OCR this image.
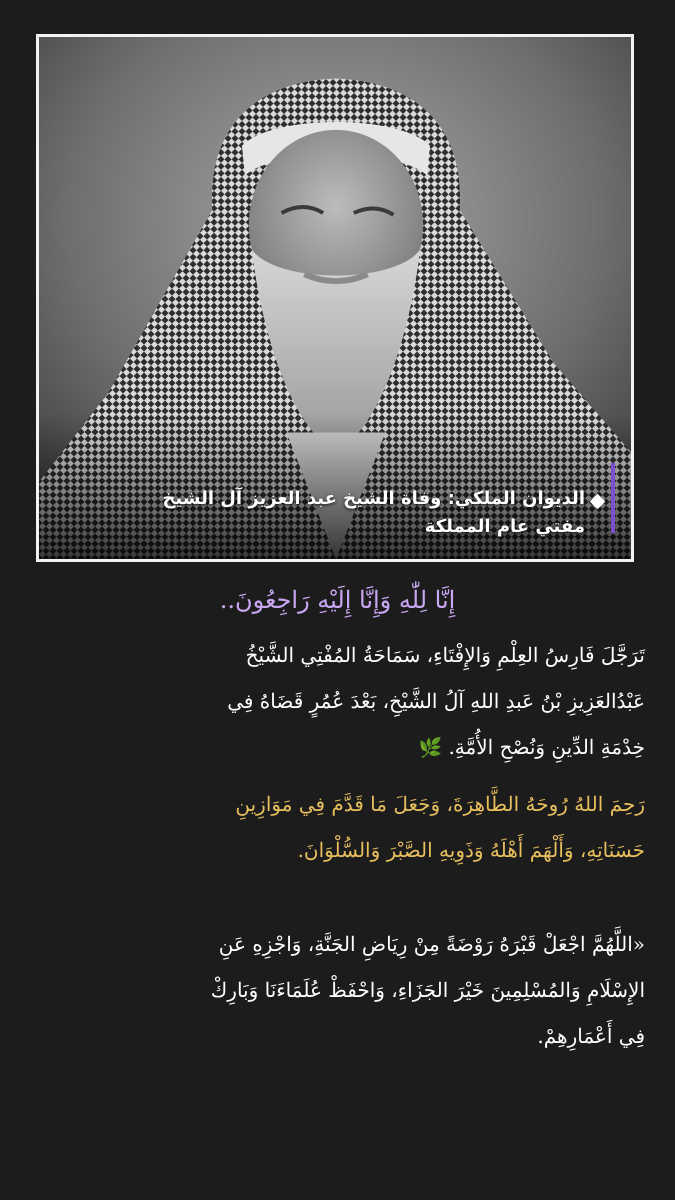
الديوان الملكي: وفاة الشيخ عبد العزيز آل الشيخ
مفتي عام المملكة
إِنَّا لِلّٰهِ وَإِنَّا إِلَيْهِ رَاجِعُونَ..
تَرَجَّلَ فَارِسُ العِلْمِ وَالإِفْتَاءِ، سَمَاحَةُ المُفْتِي الشَّيْخُ
عَبْدُالعَزِيزِ بْنُ عَبدِ اللهِ آلُ الشَّيْخِ، بَعْدَ عُمُرٍ قَضَاهُ فِي
خِدْمَةِ الدِّينِ وَنُصْحِ الأُمَّةِ.🌿
رَحِمَ اللهُ رُوحَهُ الطَّاهِرَةَ، وَجَعَلَ مَا قَدَّمَ فِي مَوَازِينِ
حَسَنَاتِهِ، وَأَلْهَمَ أَهْلَهُ وَذَوِيهِ الصَّبْرَ وَالسُّلْوَانَ.
«اللَّهُمَّ اجْعَلْ قَبْرَهُ رَوْضَةً مِنْ رِيَاضِ الجَنَّةِ، وَاجْزِهِ عَنِ
الإِسْلَامِ وَالمُسْلِمِينَ خَيْرَ الجَزَاءِ، وَاحْفَظْ عُلَمَاءَنَا وَبَارِكْ
فِي أَعْمَارِهِمْ.
